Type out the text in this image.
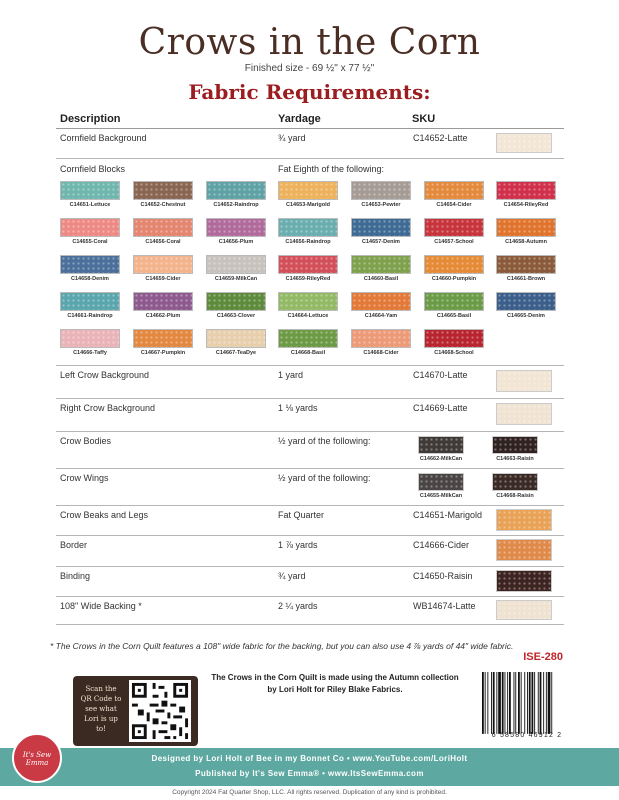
Crows in the Corn
Finished size - 69 ½" x 77 ½"
Fabric Requirements:
Description	Yardage	SKU
Cornfield Background	¾ yard	C14652-Latte
Cornfield Blocks	Fat Eighth of the following:
C14651-Lettuce	C14652-Chestnut	C14652-Raindrop	C14653-Marigold	C14653-Pewter	C14654-Cider	C14654-RileyRed
C14655-Coral	C14656-Coral	C14656-Plum	C14656-Raindrop	C14657-Denim	C14657-School	C14658-Autumn
C14658-Denim	C14659-Cider	C14659-MilkCan	C14659-RileyRed	C14660-Basil	C14660-Pumpkin	C14661-Brown
C14661-Raindrop	C14662-Plum	C14663-Clover	C14664-Lettuce	C14664-Yam	C14665-Basil	C14665-Denim
C14666-Taffy	C14667-Pumpkin	C14667-TeaDye	C14668-Basil	C14668-Cider	C14668-School
Left Crow Background	1 yard	C14670-Latte
Right Crow Background	1 ⅛ yards	C14669-Latte
Crow Bodies	½ yard of the following:
C14662-MilkCan	C14663-Raisin
Crow Wings	½ yard of the following:
C14655-MilkCan	C14668-Raisin
Crow Beaks and Legs	Fat Quarter	C14651-Marigold
Border	1 ⅞ yards	C14666-Cider
Binding	¾ yard	C14650-Raisin
108" Wide Backing *	2 ¼ yards	WB14674-Latte
* The Crows in the Corn Quilt features a 108" wide fabric for the backing, but you can also use 4 ⅞ yards of 44" wide fabric.
ISE-280
Scan the QR Code to see what Lori is up to!
The Crows in the Corn Quilt is made using the Autumn collection by Lori Holt for Riley Blake Fabrics.
6 58580 46912 2
Designed by Lori Holt of Bee in my Bonnet Co • www.YouTube.com/LoriHolt
Published by It's Sew Emma® • www.ItsSewEmma.com
It's Sew Emma
Copyright 2024 Fat Quarter Shop, LLC. All rights reserved. Duplication of any kind is prohibited.
